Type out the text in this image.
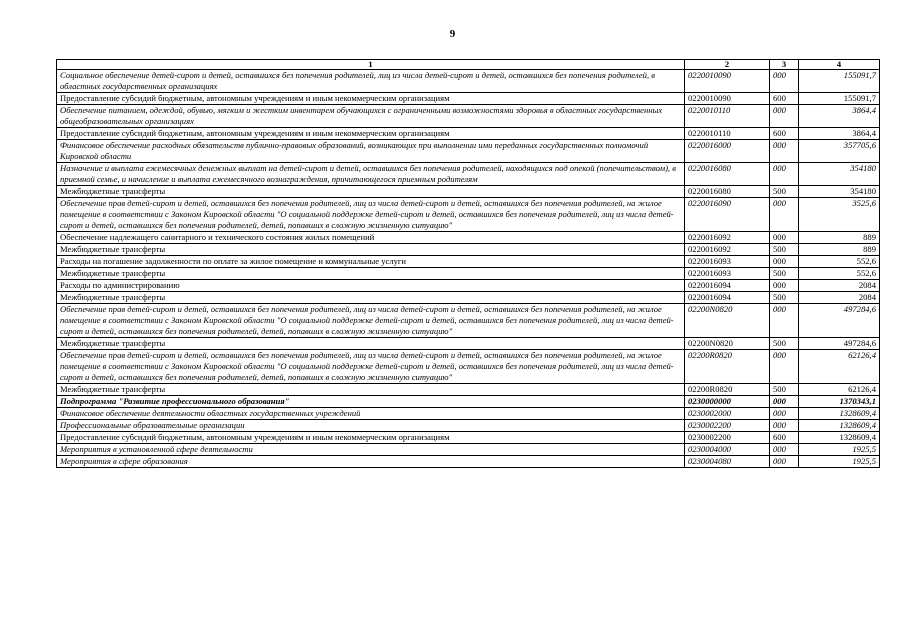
9
1	2	3	4
Социальное обеспечение детей-сирот и детей, оставшихся без попечения родителей, лиц из числа детей-сирот и детей, оставшихся без попечения родителей, в областных государственных организациях	0220010090	000	155091,7
Предоставление субсидий бюджетным, автономным учреждениям и иным некоммерческим организациям	0220010090	600	155091,7
Обеспечение питанием, одеждой, обувью, мягким и жестким инвентарем обучающихся с ограниченными возможностями здоровья в областных государственных общеобразовательных организациях	0220010110	000	3864,4
Предоставление субсидий бюджетным, автономным учреждениям и иным некоммерческим организациям	0220010110	600	3864,4
Финансовое обеспечение расходных обязательств публично-правовых образований, возникающих при выполнении ими переданных государственных полномочий Кировской области	0220016000	000	357705,6
Назначение и выплата ежемесячных денежных выплат на детей-сирот и детей, оставшихся без попечения родителей, находящихся под опекой (попечительством), в приемной семье, и начисление и выплата ежемесячного вознаграждения, причитающегося приемным родителям	0220016080	000	354180
Межбюджетные трансферты	0220016080	500	354180
Обеспечение прав детей-сирот и детей, оставшихся без попечения родителей, лиц из числа детей-сирот и детей, оставшихся без попечения родителей, на жилое помещение в соответствии с Законом Кировской области "О социальной поддержке детей-сирот и детей, оставшихся без попечения родителей, лиц из числа детей-сирот и детей, оставшихся без попечения родителей, детей, попавших в сложную жизненную ситуацию"	0220016090	000	3525,6
Обеспечение надлежащего санитарного и технического состояния жилых помещений	0220016092	000	889
Межбюджетные трансферты	0220016092	500	889
Расходы на погашение задолженности по оплате за жилое помещение и коммунальные услуги	0220016093	000	552,6
Межбюджетные трансферты	0220016093	500	552,6
Расходы по администрированию	0220016094	000	2084
Межбюджетные трансферты	0220016094	500	2084
Обеспечение прав детей-сирот и детей, оставшихся без попечения родителей, лиц из числа детей-сирот и детей, оставшихся без попечения родителей, на жилое помещение в соответствии с Законом Кировской области "О социальной поддержке детей-сирот и детей, оставшихся без попечения родителей, лиц из числа детей-сирот и детей, оставшихся без попечения родителей, детей, попавших в сложную жизненную ситуацию"	02200N0820	000	497284,6
Межбюджетные трансферты	02200N0820	500	497284,6
Обеспечение прав детей-сирот и детей, оставшихся без попечения родителей, лиц из числа детей-сирот и детей, оставшихся без попечения родителей, на жилое помещение в соответствии с Законом Кировской области "О социальной поддержке детей-сирот и детей, оставшихся без попечения родителей, лиц из числа детей-сирот и детей, оставшихся без попечения родителей, детей, попавших в сложную жизненную ситуацию"	02200R0820	000	62126,4
Межбюджетные трансферты	02200R0820	500	62126,4
Подпрограмма "Развитие профессионального образования"	0230000000	000	1370343,1
Финансовое обеспечение деятельности областных государственных учреждений	0230002000	000	1328609,4
Профессиональные образовательные организации	0230002200	000	1328609,4
Предоставление субсидий бюджетным, автономным учреждениям и иным некоммерческим организациям	0230002200	600	1328609,4
Мероприятия в установленной сфере деятельности	0230004000	000	1925,5
Мероприятия в сфере образования	0230004080	000	1925,5
